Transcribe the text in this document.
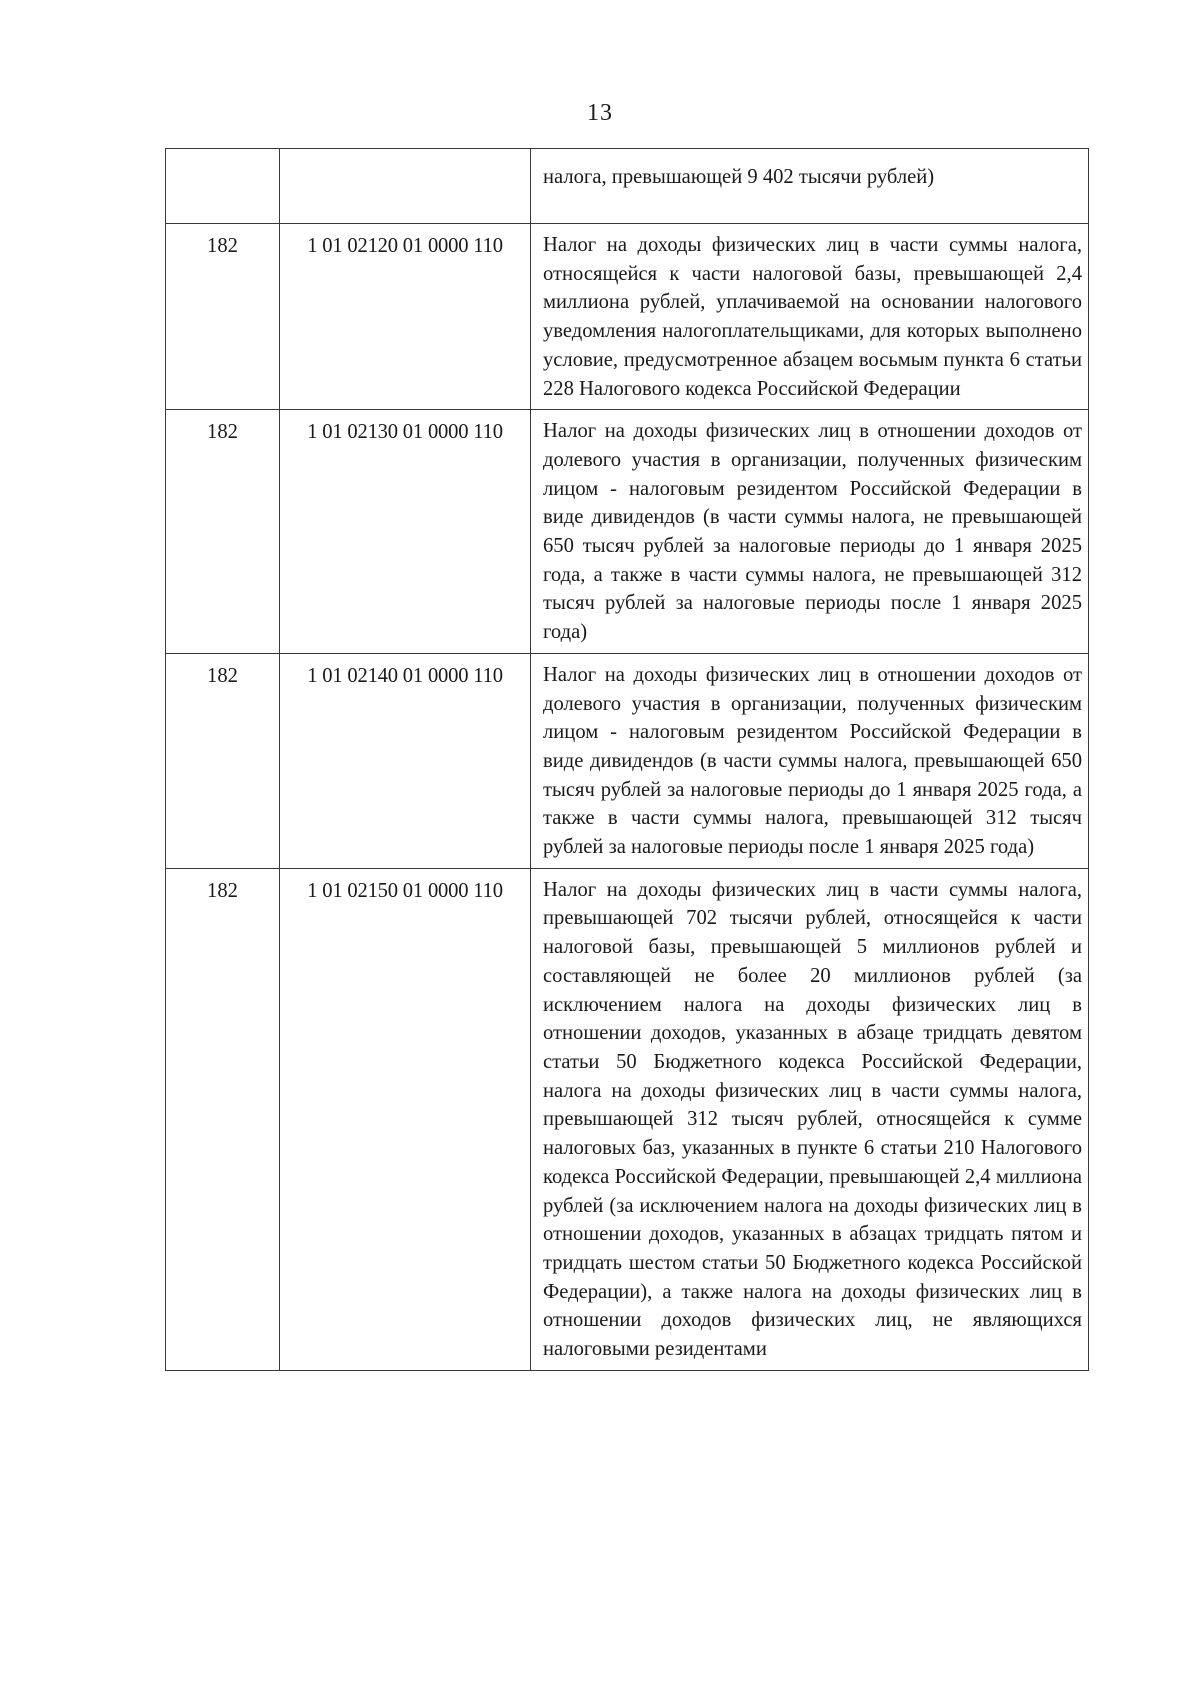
13
		налога, превышающей 9 402 тысячи рублей)
182	1 01 02120 01 0000 110	Налог на доходы физических лиц в части суммы налога, относящейся к части налоговой базы, превышающей 2,4 миллиона рублей, уплачиваемой на основании налогового уведомления налогоплательщиками, для которых выполнено условие, предусмотренное абзацем восьмым пункта 6 статьи 228 Налогового кодекса Российской Федерации
182	1 01 02130 01 0000 110	Налог на доходы физических лиц в отношении доходов от долевого участия в организации, полученных физическим лицом - налоговым резидентом Российской Федерации в виде дивидендов (в части суммы налога, не превышающей 650 тысяч рублей за налоговые периоды до 1 января 2025 года, а также в части суммы налога, не превышающей 312 тысяч рублей за налоговые периоды после 1 января 2025 года)
182	1 01 02140 01 0000 110	Налог на доходы физических лиц в отношении доходов от долевого участия в организации, полученных физическим лицом - налоговым резидентом Российской Федерации в виде дивидендов (в части суммы налога, превышающей 650 тысяч рублей за налоговые периоды до 1 января 2025 года, а также в части суммы налога, превышающей 312 тысяч рублей за налоговые периоды после 1 января 2025 года)
182	1 01 02150 01 0000 110	Налог на доходы физических лиц в части суммы налога, превышающей 702 тысячи рублей, относящейся к части налоговой базы, превышающей 5 миллионов рублей и составляющей не более 20 миллионов рублей (за исключением налога на доходы физических лиц в отношении доходов, указанных в абзаце тридцать девятом статьи 50 Бюджетного кодекса Российской Федерации, налога на доходы физических лиц в части суммы налога, превышающей 312 тысяч рублей, относящейся к сумме налоговых баз, указанных в пункте 6 статьи 210 Налогового кодекса Российской Федерации, превышающей 2,4 миллиона рублей (за исключением налога на доходы физических лиц в отношении доходов, указанных в абзацах тридцать пятом и тридцать шестом статьи 50 Бюджетного кодекса Российской Федерации), а также налога на доходы физических лиц в отношении доходов физических лиц, не являющихся налоговыми резидентами
